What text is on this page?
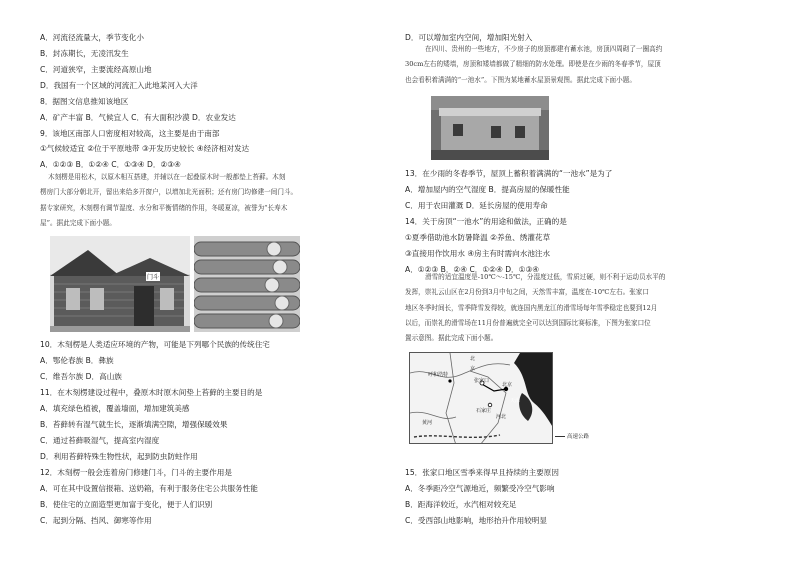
A．河流径流量大，季节变化小
B．封冻期长，无凌汛发生
C．河道狭窄，主要流经高原山地
D．我国有一个区域的河流汇入此地某河入大洋
8．据图文信息推知该地区
A．矿产丰富 B．气候宜人 C．有大面积沙漠 D．农业发达
9．该地区南部人口密度相对较高，这主要是由于南部
①气候较适宜 ②位于平原地带 ③开发历史较长 ④经济相对发达
A．①②③ B．①②④ C．①③④ D．②③④
木刻楞是用松木，以原木相互搭建，并辅以在一起叠原木时一般都垫上苔藓。木刻
楞房门大部分朝北开，留出来给多开窗户，以增加北光面积；还有房门均修建一间门斗。
据专家研究，木刻楞有调节湿度、水分和平衡情绪的作用，冬暖夏凉，被誉为“长寿木
屋”。据此完成下面小题。
门斗
10．木刻楞是人类适应环境的产物，可能是下列哪个民族的传统住宅
A．鄂伦春族 B．彝族
C．维吾尔族 D．高山族
11．在木刻楞建设过程中，叠原木时原木间垫上苔藓的主要目的是
A．填充绿色植被，覆盖墙面，增加建筑美感
B．苔藓转有湿气就生长，逐渐填满空隙，增强保暖效果
C．通过苔藓吸湿气，提高室内湿度
D．利用苔藓特殊生物性状，起到防虫防蛀作用
12．木刻楞一般会连着房门修建门斗，门斗的主要作用是
A．可在其中设置信报箱、送奶箱，有利于服务住宅公共服务性能
B．使住宅的立面造型更加富于变化，便于人们识别
C．起到分隔、挡风、御寒等作用
D．可以增加室内空间，增加阳光射入
在四川、贵州的一些地方，不少房子的房顶都建有蓄水池，房顶四周砌了一圈高约
30cm左右的矮墙，房顶和矮墙都做了精细的防水处理。即使是在少雨的冬春季节，屋顶
也会看积着满满的“一池水”。下图为某地蓄水屋顶景观图。据此完成下面小题。
13．在少雨的冬春季节，屋顶上蓄积着满满的“一池水”是为了
A．增加屋内的空气湿度 B．提高房屋的保暖性能
C．用于农田灌溉 D．延长房屋的使用寿命
14．关于房顶“一池水”的用途和做法，正确的是
①夏季借助池水防暑降温 ②养鱼、绣灌花草
③直接用作饮用水 ④房主有时需向水池注水
A．①②③ B．②④ C．①②④ D．①③④
滑雪的适宜温度是-10℃～-15℃，分湿度过低，雪质过硬，则不利于运动员水平的
发挥，崇礼云山区在2月份到3月中旬之间，天然雪丰富，温度在-10℃左右。张家口
地区冬季时间长，雪季降雪发得较，就连国内黑龙江的滑雪场每年雪季稳定也要到12月
以后，而崇礼的滑雪场在11月份普遍就完全可以达到国际比赛标准，下图为张家口位
置示意图。据此完成下面小题。
北
京
呼和浩特
张家口
石家庄
天津
北京
河北
黄河
高速公路
15．张家口地区雪季来得早且持续的主要原因
A．冬季距冷空气源地近，频繁受冷空气影响
B．距海洋较近，水汽相对较充足
C．受西部山地影响，地形抬升作用较明显
